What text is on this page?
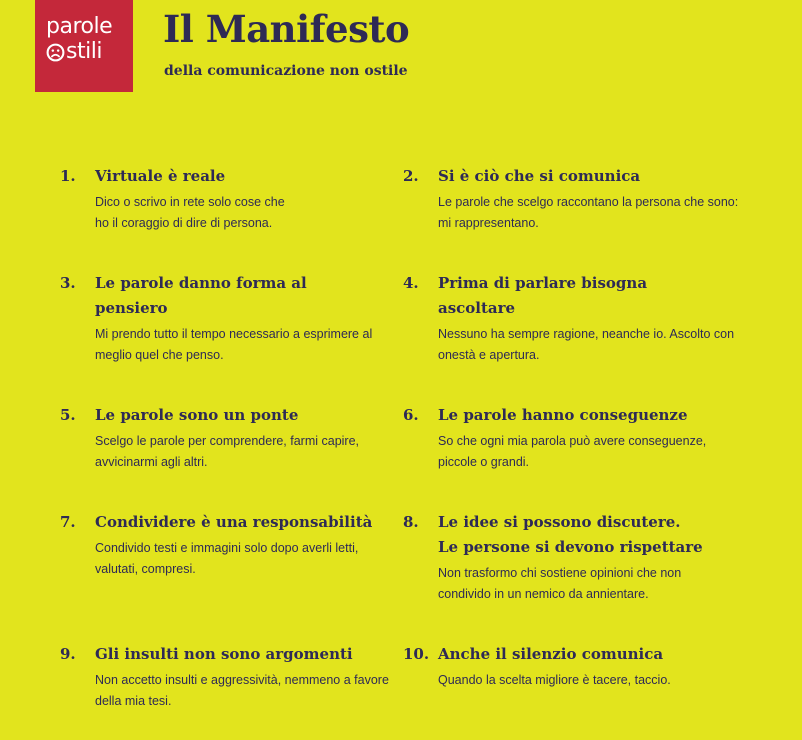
parole
stili
Il Manifesto
della comunicazione non ostile
1. Virtuale è reale
Dico o scrivo in rete solo cose che
ho il coraggio di dire di persona.
2. Si è ciò che si comunica
Le parole che scelgo raccontano la persona che sono:
mi rappresentano.
3. Le parole danno forma al
pensiero
Mi prendo tutto il tempo necessario a esprimere al
meglio quel che penso.
4. Prima di parlare bisogna
ascoltare
Nessuno ha sempre ragione, neanche io. Ascolto con
onestà e apertura.
5. Le parole sono un ponte
Scelgo le parole per comprendere, farmi capire,
avvicinarmi agli altri.
6. Le parole hanno conseguenze
So che ogni mia parola può avere conseguenze,
piccole o grandi.
7. Condividere è una responsabilità
Condivido testi e immagini solo dopo averli letti,
valutati, compresi.
8. Le idee si possono discutere.
Le persone si devono rispettare
Non trasformo chi sostiene opinioni che non
condivido in un nemico da annientare.
9. Gli insulti non sono argomenti
Non accetto insulti e aggressività, nemmeno a favore
della mia tesi.
10. Anche il silenzio comunica
Quando la scelta migliore è tacere, taccio.
